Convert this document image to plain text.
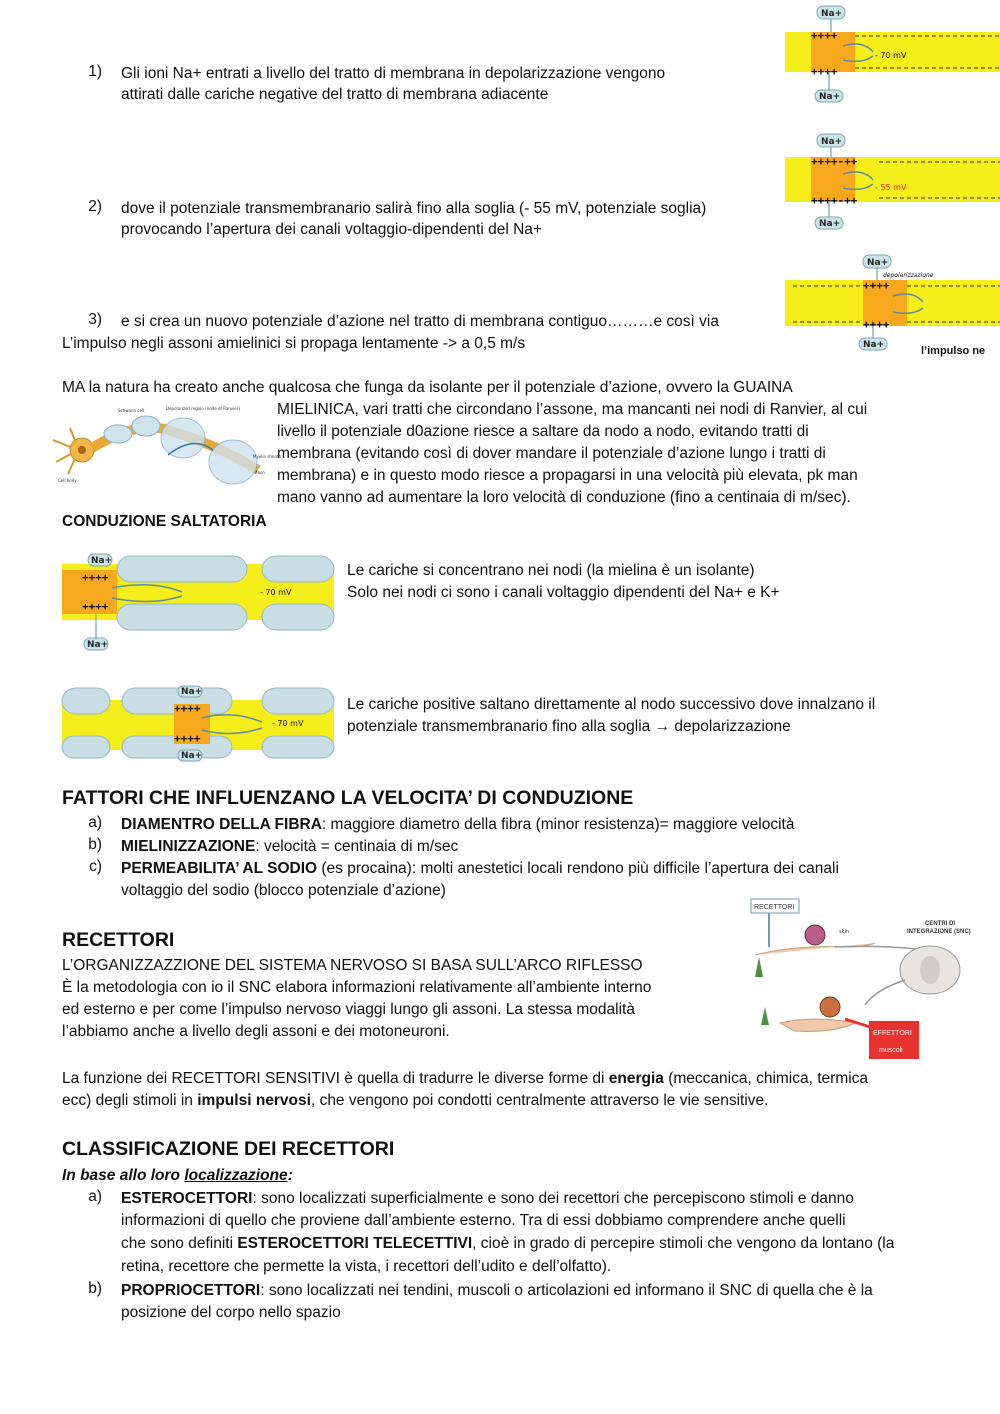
1) Gli ioni Na+ entrati a livello del tratto di membrana in depolarizzazione vengono
attirati dalle cariche negative del tratto di membrana adiacente
2) dove il potenziale transmembranario salirà fino alla soglia (- 55 mV, potenziale soglia)
provocando l’apertura dei canali voltaggio-dipendenti del Na+
3) e si crea un nuovo potenziale d’azione nel tratto di membrana contiguo………e così via
L’impulso negli assoni amielinici si propaga lentamente -> a 0,5 m/s
++++
++++
- 70 mV
Na+
Na+
++++-++
++++-++
- 55 mV
Na+
Na+
++++
++++
depolarizzazione
Na+
Na+	l’impulso ne
MA la natura ha creato anche qualcosa che funga da isolante per il potenziale d’azione, ovvero la GUAINA
MIELINICA, vari tratti che circondano l’assone, ma mancanti nei nodi di Ranvier, al cui
livello il potenziale d0azione riesce a saltare da nodo a nodo, evitando tratti di
membrana (evitando così di dover mandare il potenziale d’azione lungo i tratti di
membrana) e in questo modo riesce a propagarsi in una velocità più elevata, pk man
mano vanno ad aumentare la loro velocità di conduzione (fino a centinaia di m/sec).
Schwann cell	Depolarized region (node of Ranvier)
Cell body
Myelin sheath
Axon
CONDUZIONE SALTATORIA
++++
++++
- 70 mV
Na+
Na+
Le cariche si concentrano nei nodi (la mielina è un isolante)
Solo nei nodi ci sono i canali voltaggio dipendenti del Na+ e K+
++++
++++
- 70 mV
Na+
Na+
Le cariche positive saltano direttamente al nodo successivo dove innalzano il
potenziale transmembranario fino alla soglia → depolarizzazione
FATTORI CHE INFLUENZANO LA VELOCITA’ DI CONDUZIONE
a) DIAMENTRO DELLA FIBRA: maggiore diametro della fibra (minor resistenza)= maggiore velocità
b) MIELINIZZAZIONE: velocità = centinaia di m/sec
c) PERMEABILITA’ AL SODIO (es procaina): molti anestetici locali rendono più difficile l’apertura dei canali
voltaggio del sodio (blocco potenziale d’azione)
RECETTORI
L’ORGANIZZAZZIONE DEL SISTEMA NERVOSO SI BASA SULL’ARCO RIFLESSO
È la metodologia con io il SNC elabora informazioni relativamente all’ambiente interno
ed esterno e per come l’impulso nervoso viaggi lungo gli assoni. La stessa modalità
l’abbiamo anche a livello degli assoni e dei motoneuroni.
RECETTORI
skin
CENTRI DI
INTEGRAZIONE (SNC)
EFFETTORI
muscoli
La funzione dei RECETTORI SENSITIVI è quella di tradurre le diverse forme di energia (meccanica, chimica, termica
ecc) degli stimoli in impulsi nervosi, che vengono poi condotti centralmente attraverso le vie sensitive.
CLASSIFICAZIONE DEI RECETTORI
In base allo loro localizzazione:
a) ESTEROCETTORI: sono localizzati superficialmente e sono dei recettori che percepiscono stimoli e danno
informazioni di quello che proviene dall’ambiente esterno. Tra di essi dobbiamo comprendere anche quelli
che sono definiti ESTEROCETTORI TELECETTIVI, cioè in grado di percepire stimoli che vengono da lontano (la
retina, recettore che permette la vista, i recettori dell’udito e dell’olfatto).
b) PROPRIOCETTORI: sono localizzati nei tendini, muscoli o articolazioni ed informano il SNC di quella che è la
posizione del corpo nello spazio
